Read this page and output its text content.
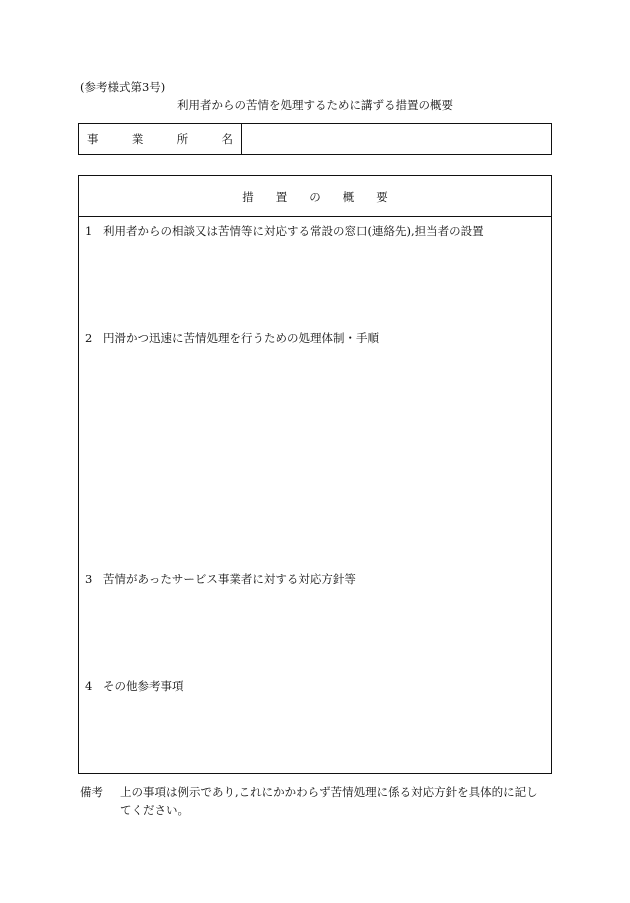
(参考様式第3号)
利用者からの苦情を処理するために講ずる措置の概要
事	業	所	名
措 置 の 概 要
1 利用者からの相談又は苦情等に対応する常設の窓口(連絡先),担当者の設置
2 円滑かつ迅速に苦情処理を行うための処理体制・手順
3 苦情があったサービス事業者に対する対応方針等
4 その他参考事項
備考	上の事項は例示であり,これにかかわらず苦情処理に係る対応方針を具体的に記し
てください。
